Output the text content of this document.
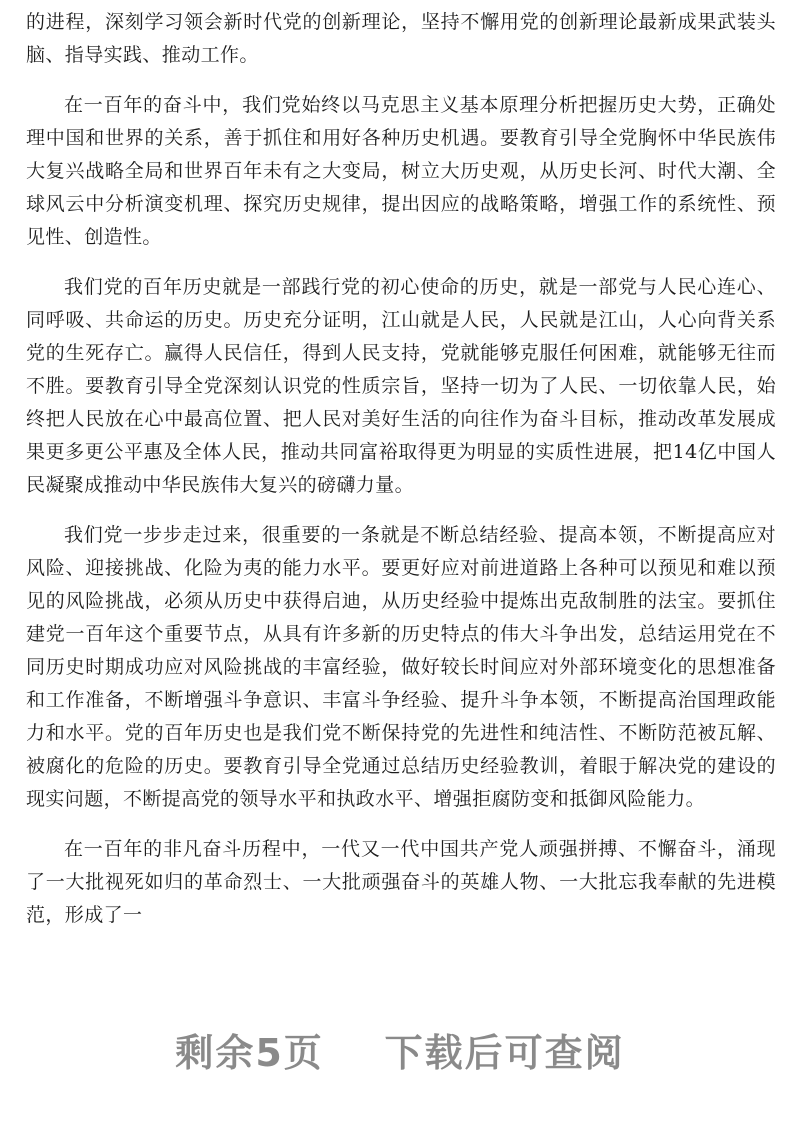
的进程，深刻学习领会新时代党的创新理论，坚持不懈用党的创新理论最新成果武装头脑、指导实践、推动工作。

在一百年的奋斗中，我们党始终以马克思主义基本原理分析把握历史大势，正确处理中国和世界的关系，善于抓住和用好各种历史机遇。要教育引导全党胸怀中华民族伟大复兴战略全局和世界百年未有之大变局，树立大历史观，从历史长河、时代大潮、全球风云中分析演变机理、探究历史规律，提出因应的战略策略，增强工作的系统性、预见性、创造性。

我们党的百年历史就是一部践行党的初心使命的历史，就是一部党与人民心连心、同呼吸、共命运的历史。历史充分证明，江山就是人民，人民就是江山，人心向背关系党的生死存亡。赢得人民信任，得到人民支持，党就能够克服任何困难，就能够无往而不胜。要教育引导全党深刻认识党的性质宗旨，坚持一切为了人民、一切依靠人民，始终把人民放在心中最高位置、把人民对美好生活的向往作为奋斗目标，推动改革发展成果更多更公平惠及全体人民，推动共同富裕取得更为明显的实质性进展，把14亿中国人民凝聚成推动中华民族伟大复兴的磅礴力量。

我们党一步步走过来，很重要的一条就是不断总结经验、提高本领，不断提高应对风险、迎接挑战、化险为夷的能力水平。要更好应对前进道路上各种可以预见和难以预见的风险挑战，必须从历史中获得启迪，从历史经验中提炼出克敌制胜的法宝。要抓住建党一百年这个重要节点，从具有许多新的历史特点的伟大斗争出发，总结运用党在不同历史时期成功应对风险挑战的丰富经验，做好较长时间应对外部环境变化的思想准备和工作准备，不断增强斗争意识、丰富斗争经验、提升斗争本领，不断提高治国理政能力和水平。党的百年历史也是我们党不断保持党的先进性和纯洁性、不断防范被瓦解、被腐化的危险的历史。要教育引导全党通过总结历史经验教训，着眼于解决党的建设的现实问题，不断提高党的领导水平和执政水平、增强拒腐防变和抵御风险能力。

在一百年的非凡奋斗历程中，一代又一代中国共产党人顽强拼搏、不懈奋斗，涌现了一大批视死如归的革命烈士、一大批顽强奋斗的英雄人物、一大批忘我奉献的先进模范，形成了一

剩余5页    下载后可查阅
